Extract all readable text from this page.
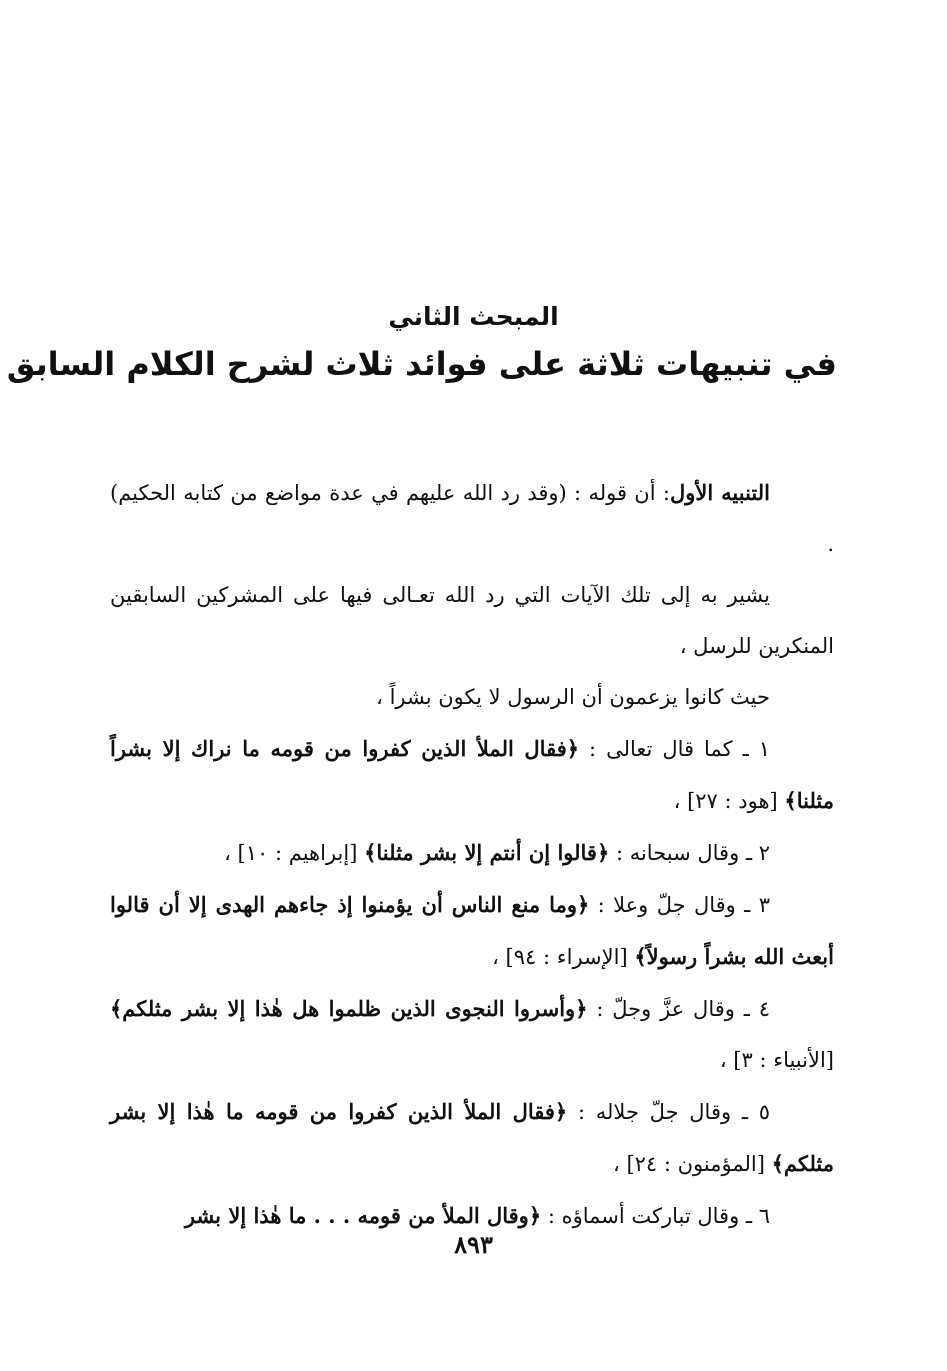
المبحث الثاني

في تنبيهات ثلاثة على فوائد ثلاث لشرح الكلام السابق

التنبيه الأول: أن قوله : (وقد رد الله عليهم في عدة مواضع من كتابه الحكيم) .

يشير به إلى تلك الآيات التي رد الله تعـالى فيها على المشركين السابقين المنكرين للرسل ،

حيث كانوا يزعمون أن الرسول لا يكون بشراً ،

١ ـ كما قال تعالى : ﴿فقال الملأ الذين كفروا من قومه ما نراك إلا بشراً مثلنا﴾ [هود : ٢٧] ،

٢ ـ وقال سبحانه : ﴿قالوا إن أنتم إلا بشر مثلنا﴾ [إبراهيم : ١٠] ،

٣ ـ وقال جلّ وعلا : ﴿وما منع الناس أن يؤمنوا إذ جاءهم الهدى إلا أن قالوا أبعث الله بشراً رسولاً﴾ [الإسراء : ٩٤] ،

٤ ـ وقال عزَّ وجلّ : ﴿وأسروا النجوى الذين ظلموا هل هٰذا إلا بشر مثلكم﴾ [الأنبياء : ٣] ،

٥ ـ وقال جلّ جلاله : ﴿فقال الملأ الذين كفروا من قومه ما هٰذا إلا بشر مثلكم﴾ [المؤمنون : ٢٤] ،

٦ ـ وقال تباركت أسماؤه : ﴿وقال الملأ من قومه . . . ما هٰذا إلا بشر

٨٩٣
